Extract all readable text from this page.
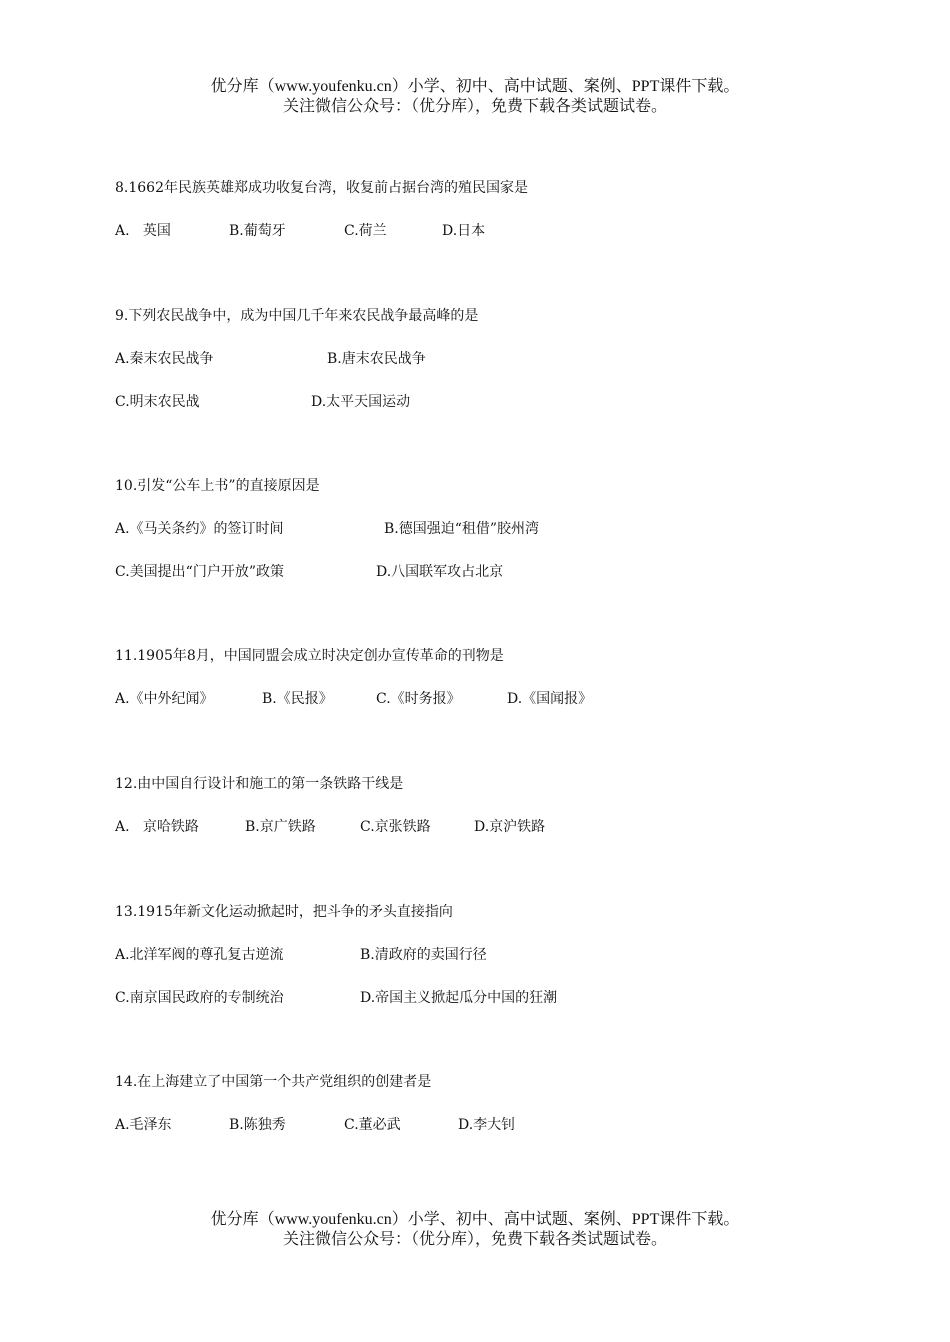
优分库（www.youfenku.cn）小学、初中、高中试题、案例、PPT课件下载。
关注微信公众号：（优分库），免费下载各类试题试卷。
8.1662年民族英雄郑成功收复台湾，收复前占据台湾的殖民国家是
A.   英国	B.葡萄牙	C.荷兰	D.日本
9.下列农民战争中，成为中国几千年来农民战争最高峰的是
A.秦末农民战争	B.唐末农民战争
C.明末农民战	D.太平天国运动
10.引发“公车上书”的直接原因是
A.《马关条约》的签订时间	B.德国强迫“租借”胶州湾
C.美国提出“门户开放”政策	D.八国联军攻占北京
11.1905年8月，中国同盟会成立时决定创办宣传革命的刊物是
A.《中外纪闻》	B.《民报》	C.《时务报》	D.《国闻报》
12.由中国自行设计和施工的第一条铁路干线是
A.   京哈铁路	B.京广铁路	C.京张铁路	D.京沪铁路
13.1915年新文化运动掀起时，把斗争的矛头直接指向
A.北洋军阀的尊孔复古逆流	B.清政府的卖国行径
C.南京国民政府的专制统治	D.帝国主义掀起瓜分中国的狂潮
14.在上海建立了中国第一个共产党组织的创建者是
A.毛泽东	B.陈独秀	C.董必武	D.李大钊
优分库（www.youfenku.cn）小学、初中、高中试题、案例、PPT课件下载。
关注微信公众号：（优分库），免费下载各类试题试卷。
